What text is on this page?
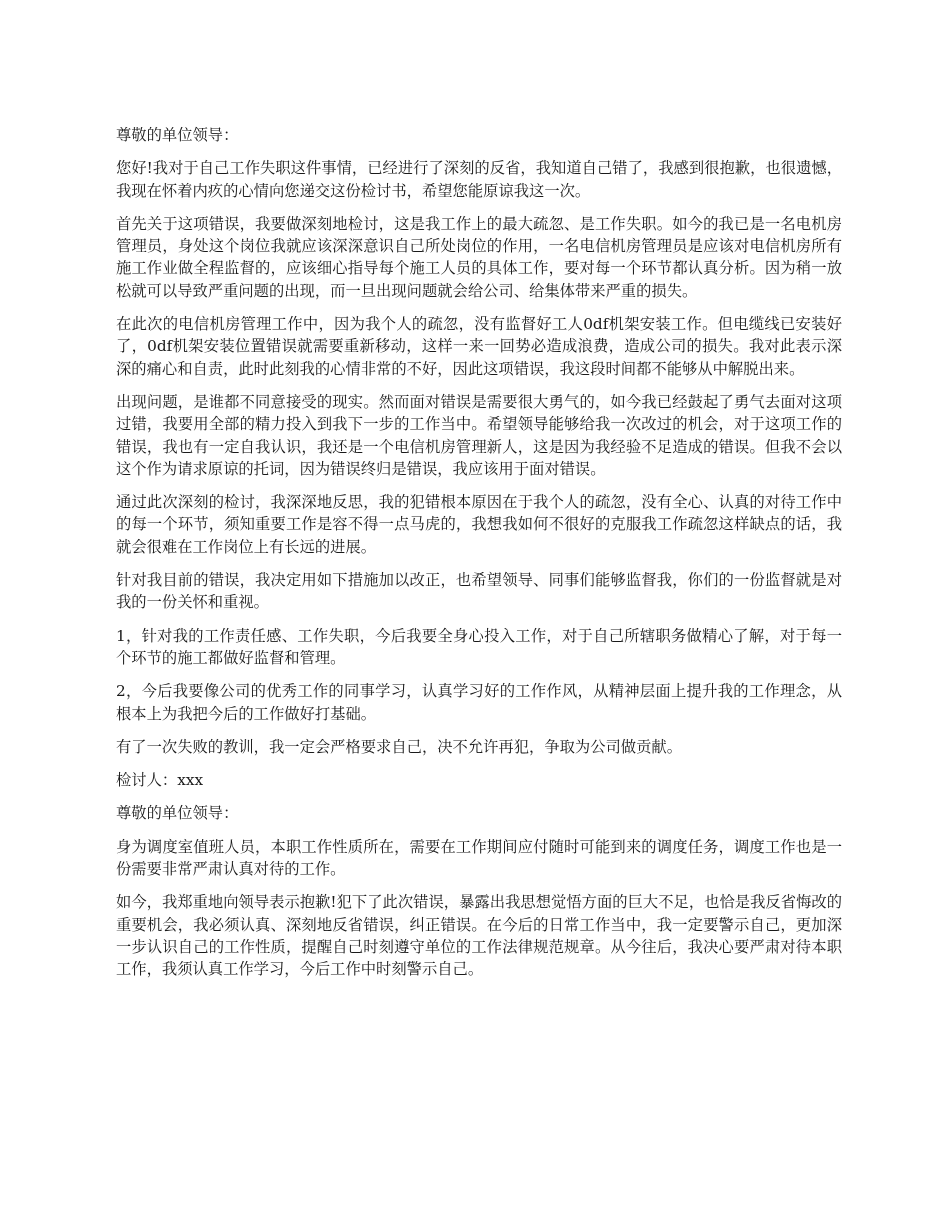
尊敬的单位领导：

您好!我对于自己工作失职这件事情，已经进行了深刻的反省，我知道自己错了，我感到很抱歉，也很遗憾，我现在怀着内疚的心情向您递交这份检讨书，希望您能原谅我这一次。

首先关于这项错误，我要做深刻地检讨，这是我工作上的最大疏忽、是工作失职。如今的我已是一名电机房管理员，身处这个岗位我就应该深深意识自己所处岗位的作用，一名电信机房管理员是应该对电信机房所有施工作业做全程监督的，应该细心指导每个施工人员的具体工作，要对每一个环节都认真分析。因为稍一放松就可以导致严重问题的出现，而一旦出现问题就会给公司、给集体带来严重的损失。

在此次的电信机房管理工作中，因为我个人的疏忽，没有监督好工人0df机架安装工作。但电缆线已安装好了，0df机架安装位置错误就需要重新移动，这样一来一回势必造成浪费，造成公司的损失。我对此表示深深的痛心和自责，此时此刻我的心情非常的不好，因此这项错误，我这段时间都不能够从中解脱出来。

出现问题，是谁都不同意接受的现实。然而面对错误是需要很大勇气的，如今我已经鼓起了勇气去面对这项过错，我要用全部的精力投入到我下一步的工作当中。希望领导能够给我一次改过的机会，对于这项工作的错误，我也有一定自我认识，我还是一个电信机房管理新人，这是因为我经验不足造成的错误。但我不会以这个作为请求原谅的托词，因为错误终归是错误，我应该用于面对错误。

通过此次深刻的检讨，我深深地反思，我的犯错根本原因在于我个人的疏忽，没有全心、认真的对待工作中的每一个环节，须知重要工作是容不得一点马虎的，我想我如何不很好的克服我工作疏忽这样缺点的话，我就会很难在工作岗位上有长远的进展。

针对我目前的错误，我决定用如下措施加以改正，也希望领导、同事们能够监督我，你们的一份监督就是对我的一份关怀和重视。

1，针对我的工作责任感、工作失职，今后我要全身心投入工作，对于自己所辖职务做精心了解，对于每一个环节的施工都做好监督和管理。

2，今后我要像公司的优秀工作的同事学习，认真学习好的工作作风，从精神层面上提升我的工作理念，从根本上为我把今后的工作做好打基础。

有了一次失败的教训，我一定会严格要求自己，决不允许再犯，争取为公司做贡献。

检讨人：xxx

尊敬的单位领导：

身为调度室值班人员，本职工作性质所在，需要在工作期间应付随时可能到来的调度任务，调度工作也是一份需要非常严肃认真对待的工作。

如今，我郑重地向领导表示抱歉!犯下了此次错误，暴露出我思想觉悟方面的巨大不足，也恰是我反省悔改的重要机会，我必须认真、深刻地反省错误，纠正错误。在今后的日常工作当中，我一定要警示自己，更加深一步认识自己的工作性质，提醒自己时刻遵守单位的工作法律规范规章。从今往后，我决心要严肃对待本职工作，我须认真工作学习，今后工作中时刻警示自己。
